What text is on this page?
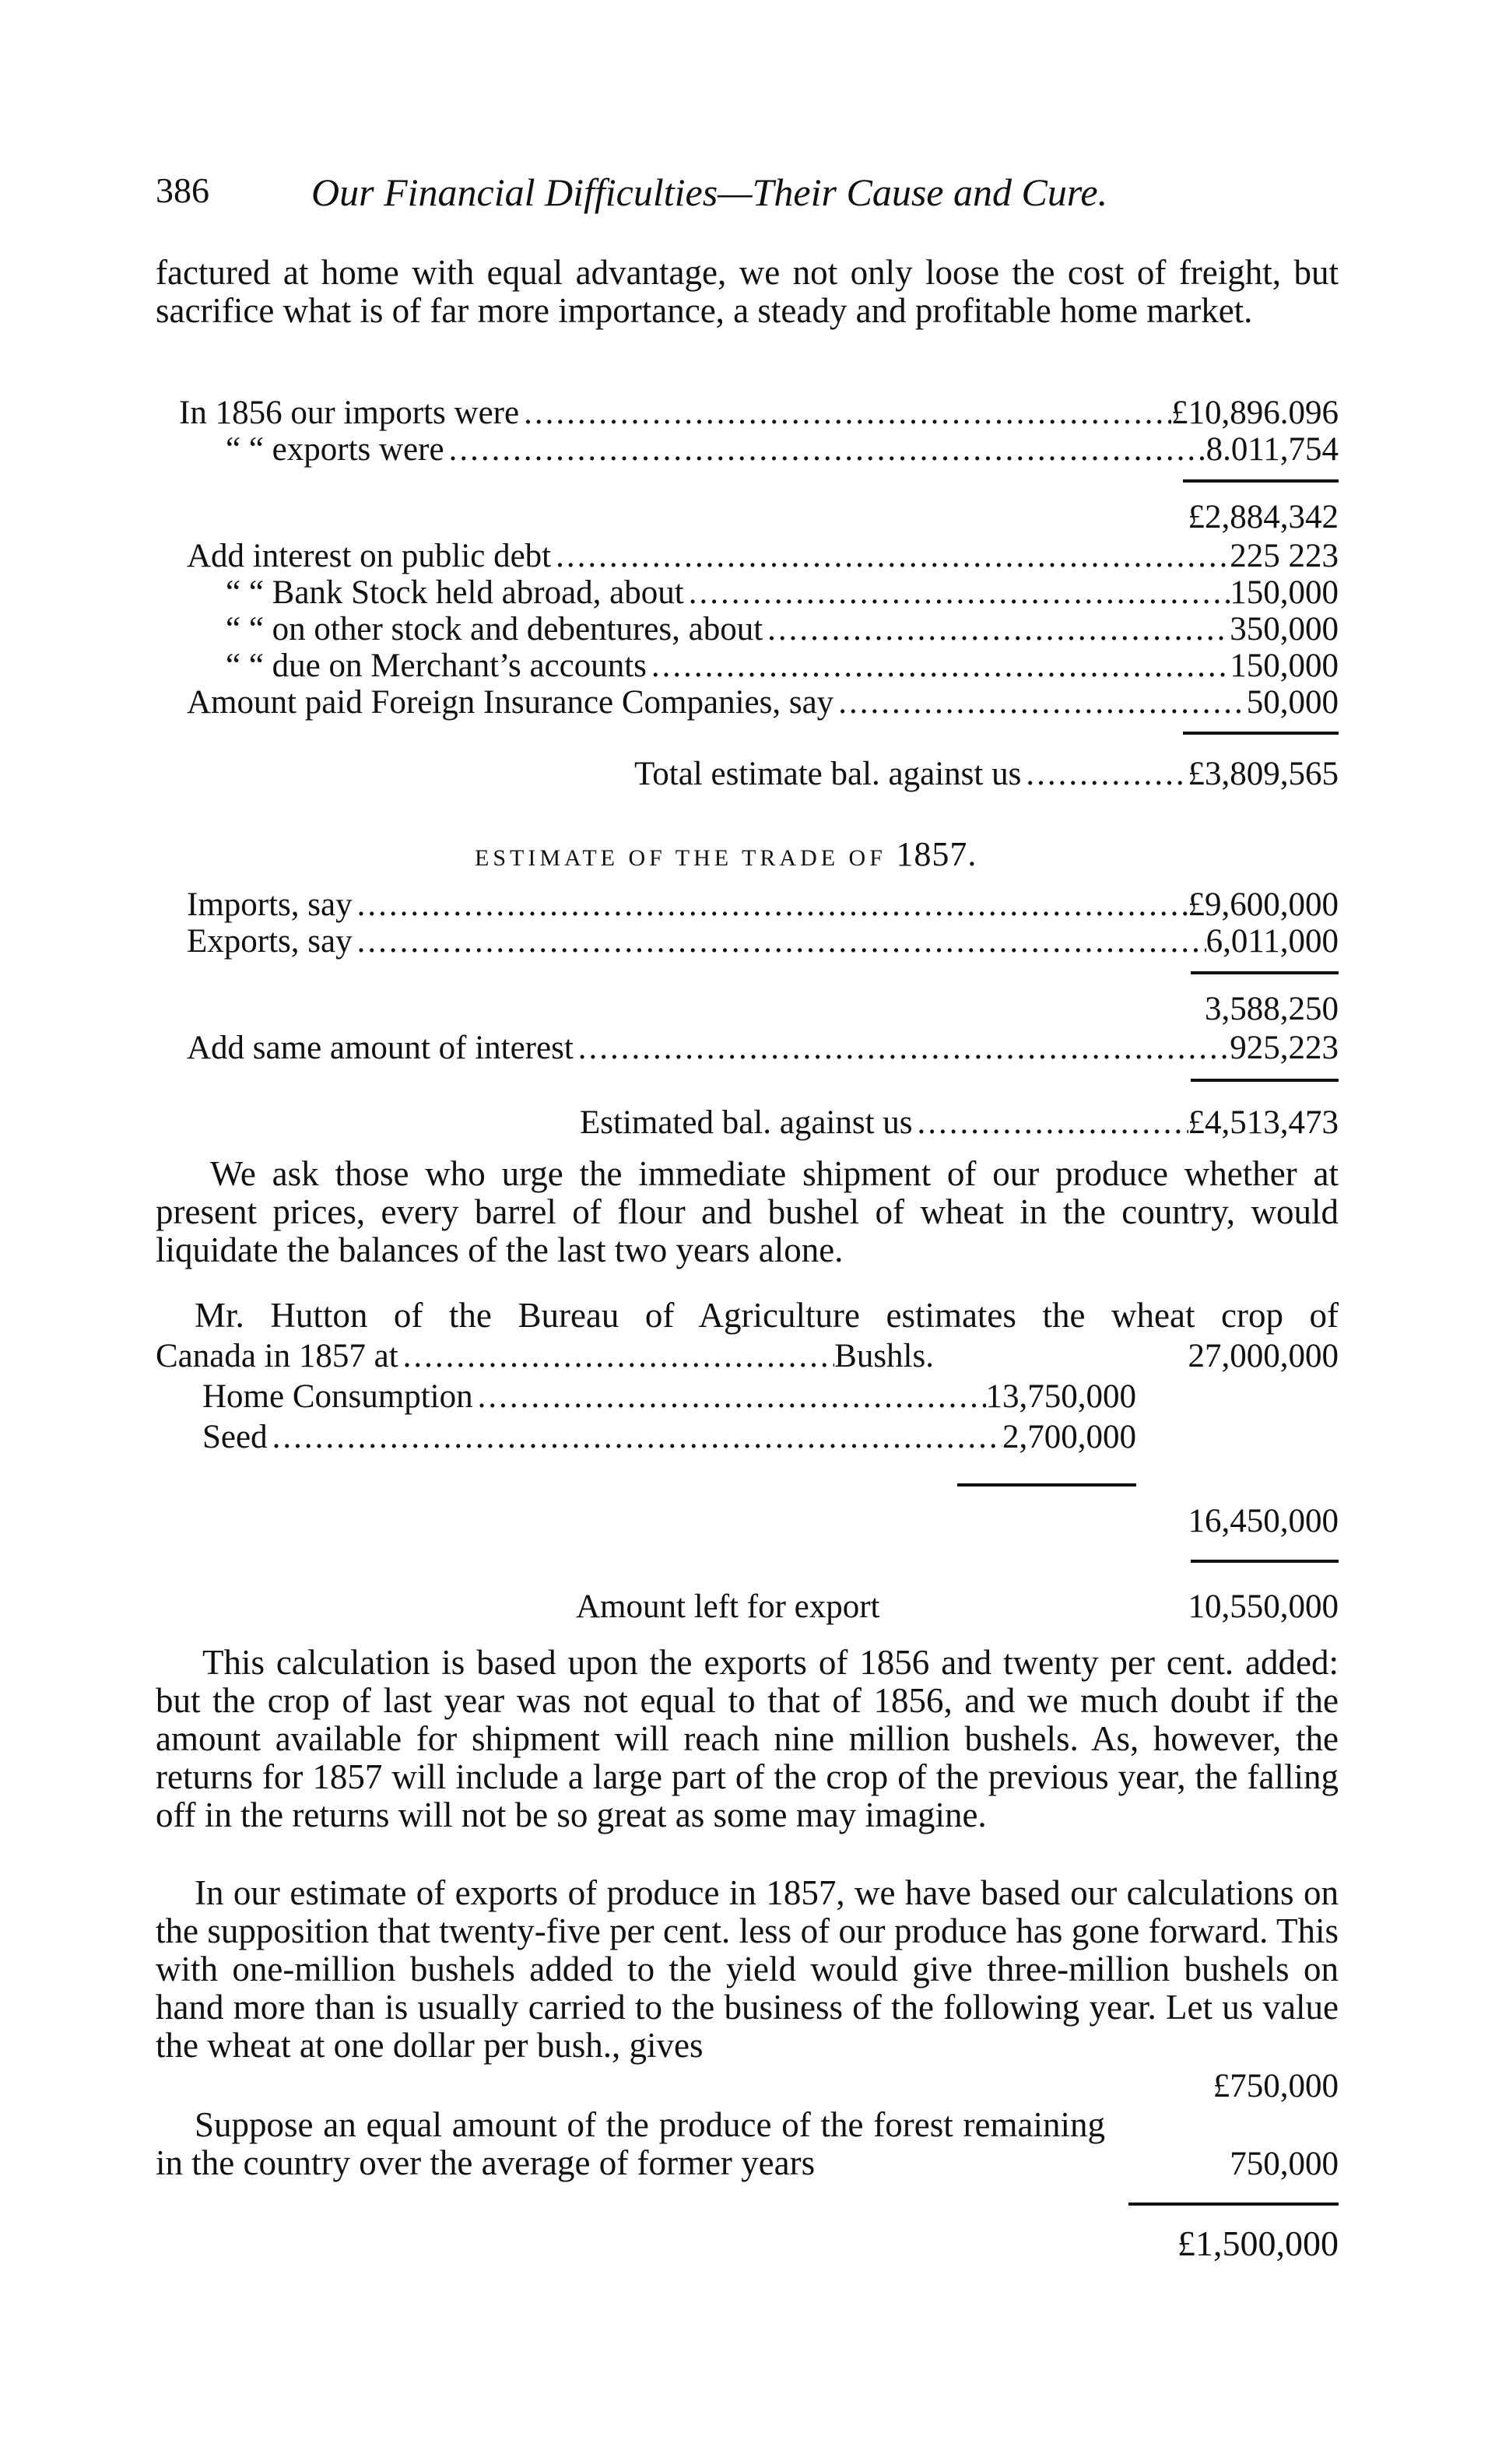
386	Our Financial Difficulties—Their Cause and Cure.
factured at home with equal advantage, we not only loose the cost of freight, but sacrifice what is of far more importance, a steady and profitable home market.
In 1856 our imports were .....	£10,896.096
“ “ exports were .....	8.011,754
£2,884,342
Add interest on public debt .....	225 223
“ “ Bank Stock held abroad, about .....	150,000
“ “ on other stock and debentures, about .....	350,000
“ “ due on Merchant’s accounts .....	150,000
Amount paid Foreign Insurance Companies, say .....	50,000
Total estimate bal. against us .....	£3,809,565
ESTIMATE OF THE TRADE OF 1857.
Imports, say .....	£9,600,000
Exports, say .....	6,011,000
3,588,250
Add same amount of interest .....	925,223
Estimated bal. against us .....	£4,513,473
We ask those who urge the immediate shipment of our produce whether at present prices, every barrel of flour and bushel of wheat in the country, would liquidate the balances of the last two years alone.
Mr. Hutton of the Bureau of Agriculture estimates the wheat crop of
Canada in 1857 at .....	Bushls.	27,000,000
Home Consumption .....	13,750,000
Seed .....	2,700,000
16,450,000
Amount left for export	10,550,000
This calculation is based upon the exports of 1856 and twenty per cent. added: but the crop of last year was not equal to that of 1856, and we much doubt if the amount available for shipment will reach nine million bushels. As, however, the returns for 1857 will include a large part of the crop of the previous year, the falling off in the returns will not be so great as some may imagine.
In our estimate of exports of produce in 1857, we have based our calculations on the supposition that twenty-five per cent. less of our produce has gone forward. This with one-million bushels added to the yield would give three-million bushels on hand more than is usually carried to the business of the following year. Let us value the wheat at one dollar per bush., gives
£750,000
Suppose an equal amount of the produce of the forest remaining in the country over the average of former years	750,000
£1,500,000
